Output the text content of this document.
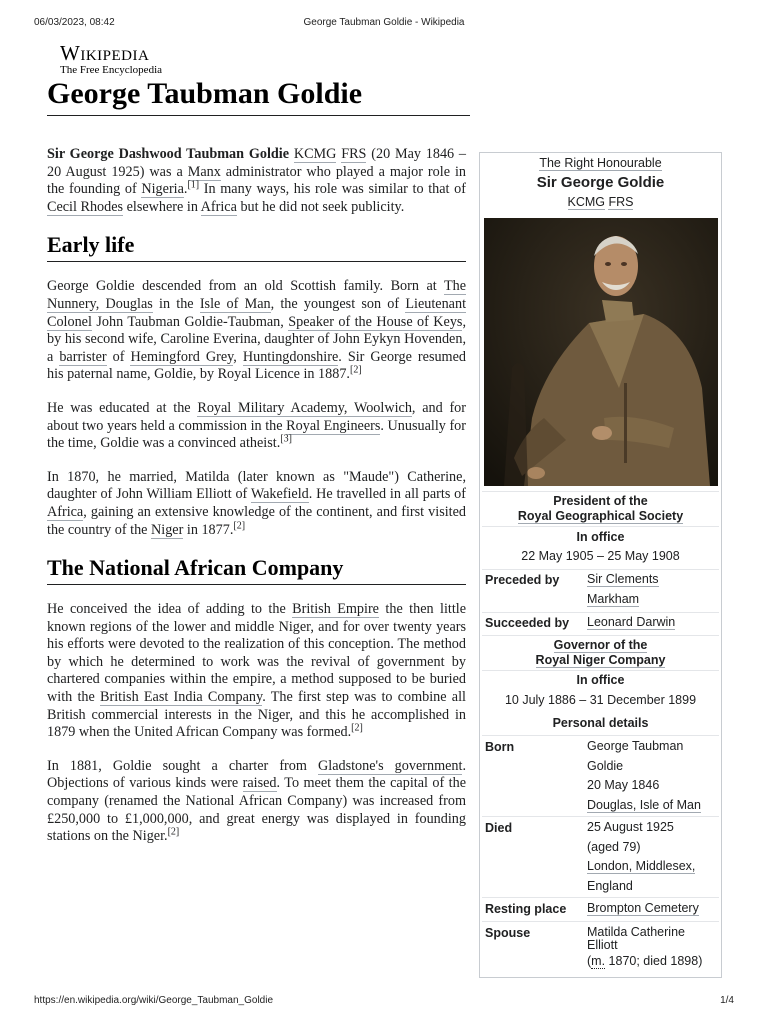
06/03/2023, 08:42	George Taubman Goldie - Wikipedia
Wikipedia
The Free Encyclopedia
George Taubman Goldie

Sir George Dashwood Taubman Goldie KCMG FRS (20 May 1846 – 20 August 1925) was a Manx administrator who played a major role in the founding of Nigeria.[1] In many ways, his role was similar to that of Cecil Rhodes elsewhere in Africa but he did not seek publicity.

Early life

George Goldie descended from an old Scottish family. Born at The Nunnery, Douglas in the Isle of Man, the youngest son of Lieutenant Colonel John Taubman Goldie-Taubman, Speaker of the House of Keys, by his second wife, Caroline Everina, daughter of John Eykyn Hovenden, a barrister of Hemingford Grey, Huntingdonshire. Sir George resumed his paternal name, Goldie, by Royal Licence in 1887.[2]

He was educated at the Royal Military Academy, Woolwich, and for about two years held a commission in the Royal Engineers. Unusually for the time, Goldie was a convinced atheist.[3]

In 1870, he married, Matilda (later known as "Maude") Catherine, daughter of John William Elliott of Wakefield. He travelled in all parts of Africa, gaining an extensive knowledge of the continent, and first visited the country of the Niger in 1877.[2]

The National African Company

He conceived the idea of adding to the British Empire the then little known regions of the lower and middle Niger, and for over twenty years his efforts were devoted to the realization of this conception. The method by which he determined to work was the revival of government by chartered companies within the empire, a method supposed to be buried with the British East India Company. The first step was to combine all British commercial interests in the Niger, and this he accomplished in 1879 when the United African Company was formed.[2]

In 1881, Goldie sought a charter from Gladstone's government. Objections of various kinds were raised. To meet them the capital of the company (renamed the National African Company) was increased from £250,000 to £1,000,000, and great energy was displayed in founding stations on the Niger.[2]

The Right Honourable
Sir George Goldie
KCMG FRS
President of the
Royal Geographical Society
In office
22 May 1905 – 25 May 1908
Preceded by Sir Clements
Markham
Succeeded by Leonard Darwin
Governor of the
Royal Niger Company
In office
10 July 1886 – 31 December 1899
Personal details
Born	George Taubman
Goldie
20 May 1846
Douglas, Isle of Man
Died	25 August 1925
(aged 79)
London, Middlesex,
England
Resting place Brompton Cemetery
Spouse	Matilda Catherine
Elliott
(m. 1870; died 1898)
https://en.wikipedia.org/wiki/George_Taubman_Goldie	1/4
